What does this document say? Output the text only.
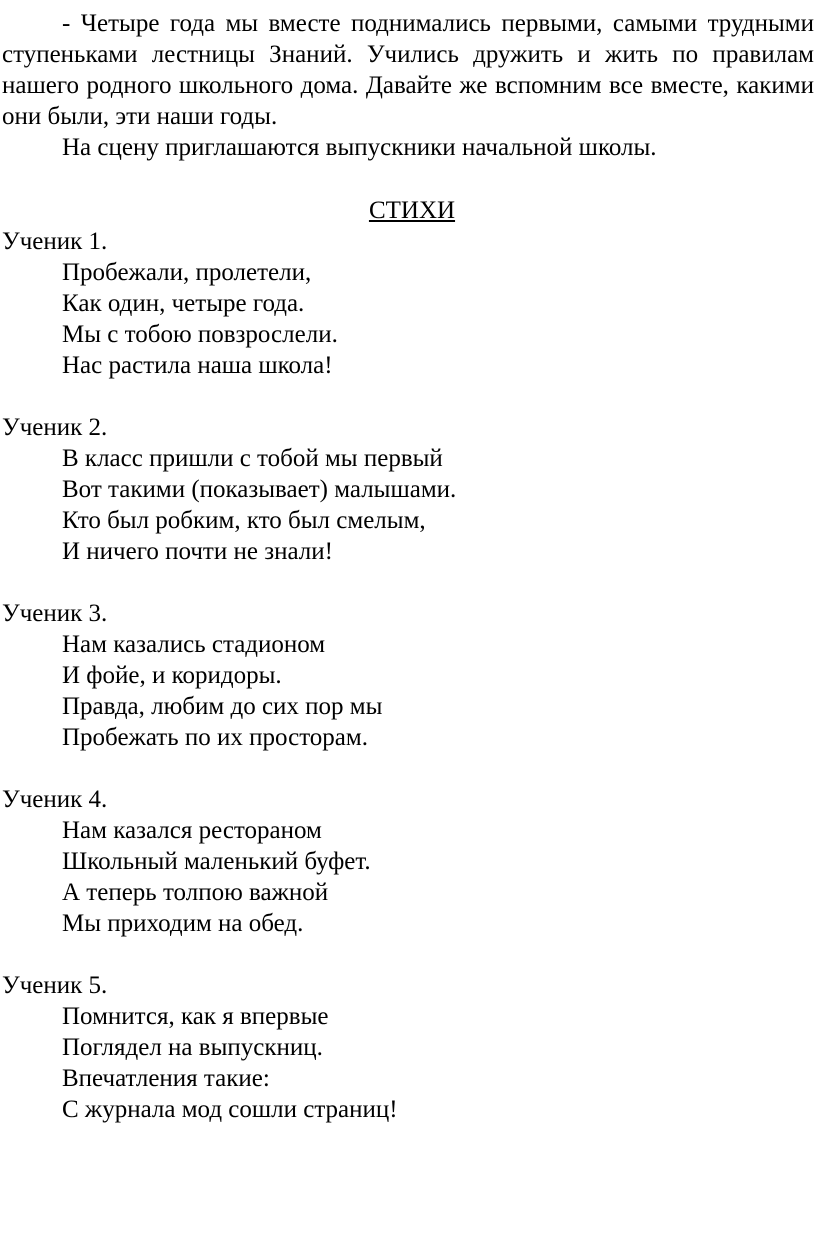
- Четыре года мы вместе поднимались первыми, самыми трудными ступеньками лестницы Знаний. Учились дружить и жить по правилам нашего родного школьного дома. Давайте же вспомним все вместе, какими они были, эти наши годы.

На сцену приглашаются выпускники начальной школы.

СТИХИ

Ученик 1.

Пробежали, пролетели,

Как один, четыре года.

Мы с тобою повзрослели.

Нас растила наша школа!

Ученик 2.

В класс пришли с тобой мы первый

Вот такими (показывает) малышами.

Кто был робким, кто был смелым,

И ничего почти не знали!

Ученик 3.

Нам казались стадионом

И фойе, и коридоры.

Правда, любим до сих пор мы

Пробежать по их просторам.

Ученик 4.

Нам казался рестораном

Школьный маленький буфет.

А теперь толпою важной

Мы приходим на обед.

Ученик 5.

Помнится, как я впервые

Поглядел на выпускниц.

Впечатления такие:

С журнала мод сошли страниц!
